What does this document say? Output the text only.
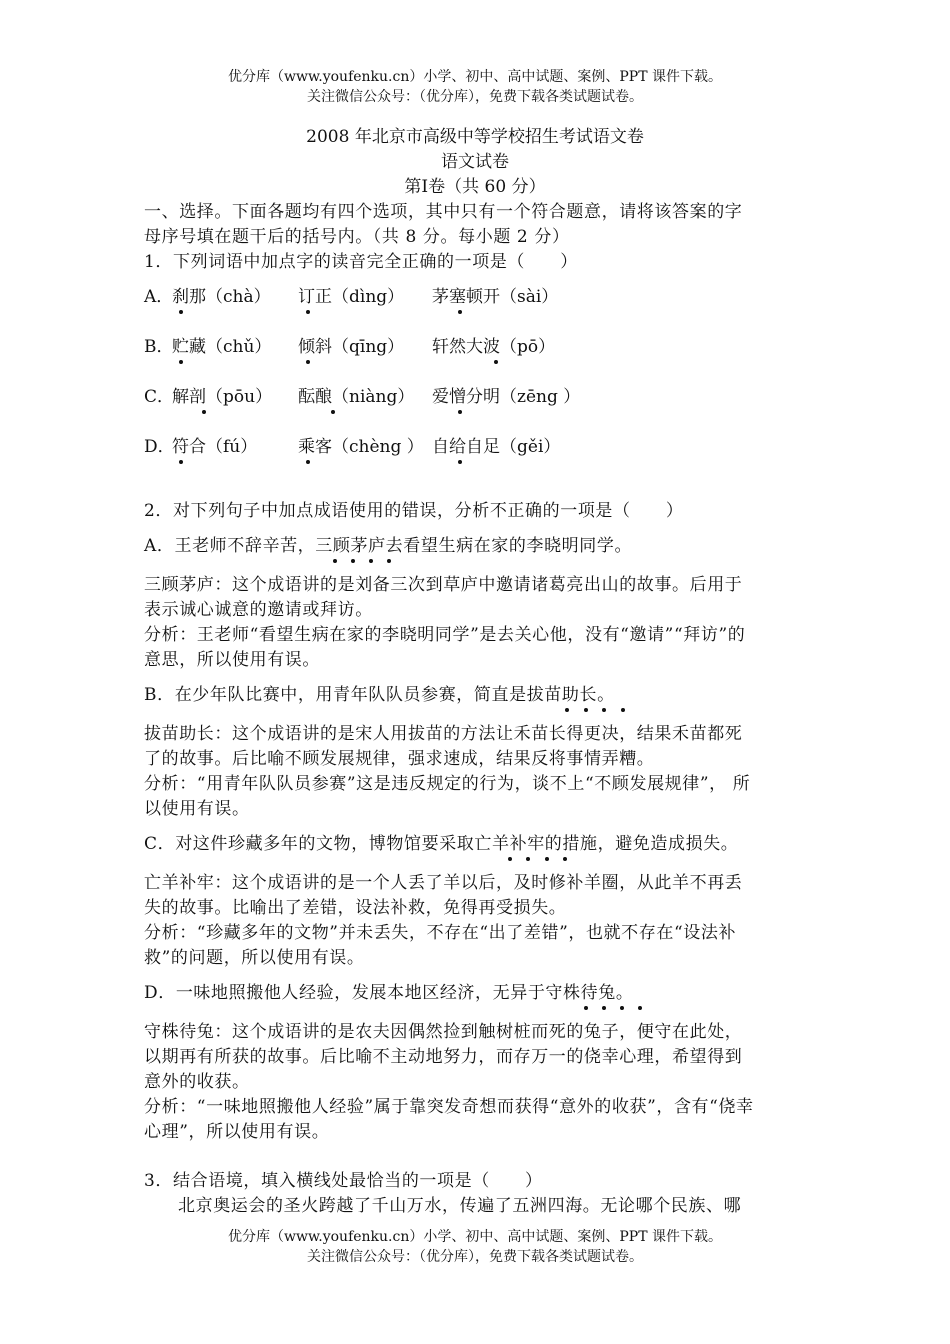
优分库（www.youfenku.cn）小学、初中、高中试题、案例、PPT 课件下载。
关注微信公众号：（优分库），免费下载各类试题试卷。
2008 年北京市高级中等学校招生考试语文卷
语文试卷
第Ⅰ卷（共 60 分）
一、选择。下面各题均有四个选项，其中只有一个符合题意，请将该答案的字
母序号填在题干后的括号内。（共 8 分。每小题 2 分）
1．下列词语中加点字的读音完全正确的一项是（　　）
A．
刹那（chà） 订正（dìng） 茅塞顿开（sài）
B．
贮藏（chǔ） 倾斜（qīng） 轩然大波（pō）
C．
解剖（pōu） 酝酿（niàng） 爱憎分明（zēng ）
D．
符合（fú） 乘客（chèng ） 自给自足（gěi）
2．对下列句子中加点成语使用的错误，分析不正确的一项是（　　）
A．王老师不辞辛苦，三顾茅庐去看望生病在家的李晓明同学。
三顾茅庐：这个成语讲的是刘备三次到草庐中邀请诸葛亮出山的故事。后用于
表示诚心诚意的邀请或拜访。
分析：王老师“看望生病在家的李晓明同学”是去关心他，没有“邀请”“拜访”的
意思，所以使用有误。
B．在少年队比赛中，用青年队队员参赛，简直是拔苗助长。
拔苗助长：这个成语讲的是宋人用拔苗的方法让禾苗长得更决，结果禾苗都死
了的故事。后比喻不顾发展规律，强求速成，结果反将事情弄糟。
分析：“用青年队队员参赛”这是违反规定的行为，谈不上“不顾发展规律”， 所
以使用有误。
C．对这件珍藏多年的文物，博物馆要采取亡羊补牢的措施，避免造成损失。
亡羊补牢：这个成语讲的是一个人丢了羊以后，及时修补羊圈，从此羊不再丢
失的故事。比喻出了差错，设法补救，免得再受损失。
分析：“珍藏多年的文物”并未丢失，不存在“出了差错”，也就不存在“设法补
救”的问题，所以使用有误。
D．一味地照搬他人经验，发展本地区经济，无异于守株待兔。
守株待兔：这个成语讲的是农夫因偶然捡到触树桩而死的兔子，便守在此处，
以期再有所获的故事。后比喻不主动地努力，而存万一的侥幸心理，希望得到
意外的收获。
分析：“一味地照搬他人经验”属于靠突发奇想而获得“意外的收获”，含有“侥幸
心理”，所以使用有误。
3．结合语境，填入横线处最恰当的一项是（　　）
北京奥运会的圣火跨越了千山万水，传遍了五洲四海。无论哪个民族、哪
优分库（www.youfenku.cn）小学、初中、高中试题、案例、PPT 课件下载。
关注微信公众号：（优分库），免费下载各类试题试卷。
